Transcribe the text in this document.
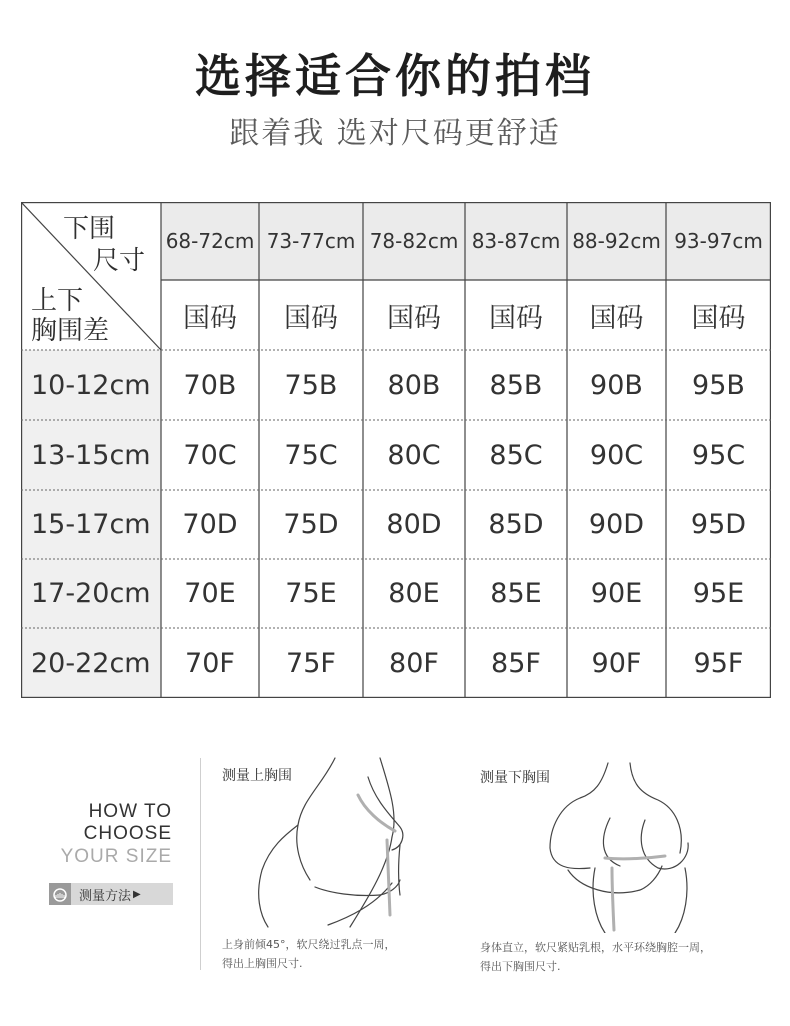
选择适合你的拍档
跟着我 选对尺码更舒适
下围
尺寸
上下
胸围差
68-72cm 73-77cm 78-82cm 83-87cm 88-92cm 93-97cm
国码	国码	国码	国码	国码	国码
10-12cm	70B	75B	80B	85B	90B	95B
13-15cm	70C	75C	80C	85C	90C	95C
15-17cm	70D	75D	80D	85D	90D	95D
17-20cm	70E	75E	80E	85E	90E	95E
20-22cm	70F	75F	80F	85F	90F	95F
HOW TO
CHOOSE
YOUR SIZE
测量方法 ▶
测量上胸围
上身前倾45°，软尺绕过乳点一周，
得出上胸围尺寸.
测量下胸围
身体直立，软尺紧贴乳根，水平环绕胸腔一周，
得出下胸围尺寸.
